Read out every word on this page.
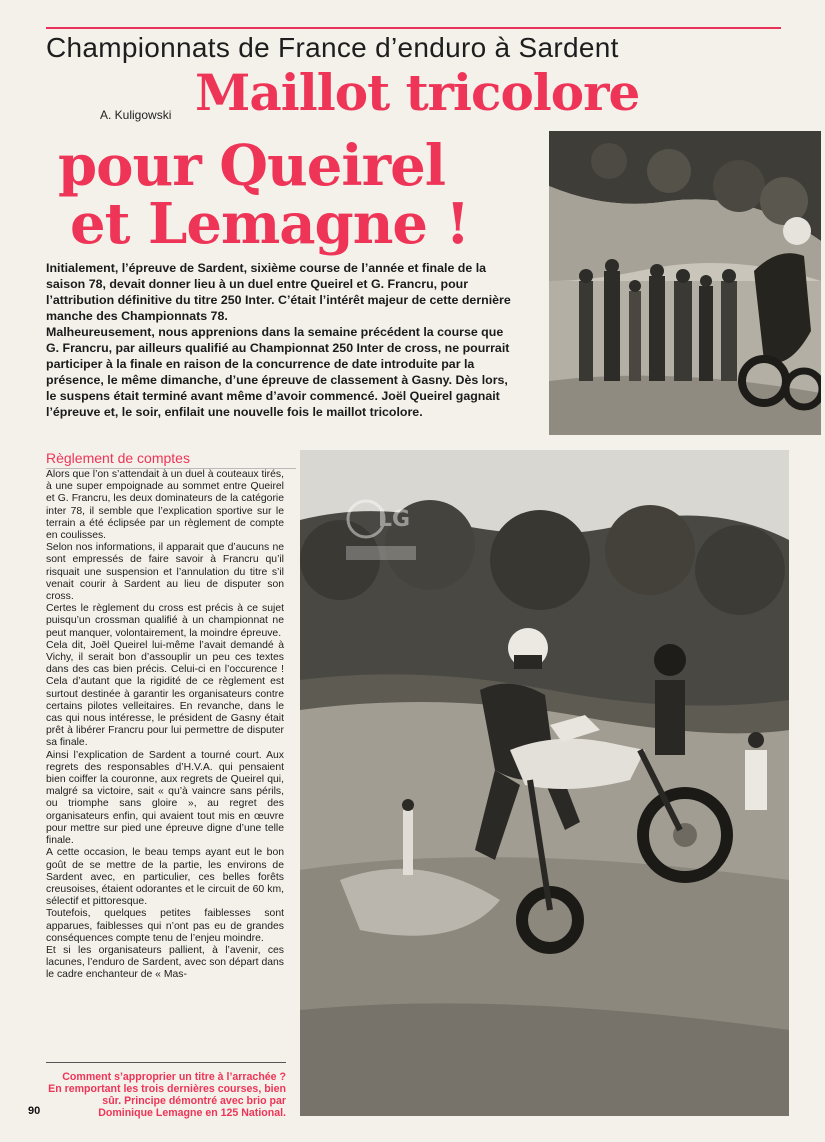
Championnats de France d’enduro à Sardent
A. Kuligowski Maillot tricolore
pour Queirel
et Lemagne !

Initialement, l’épreuve de Sardent, sixième course de l’année et finale de la saison 78, devait donner lieu à un duel entre Queirel et G. Francru, pour l’attribution définitive du titre 250 Inter. C’était l’intérêt majeur de cette dernière manche des Championnats 78.

Malheureusement, nous apprenions dans la semaine précédent la course que G. Francru, par ailleurs qualifié au Championnat 250 Inter de cross, ne pourrait participer à la finale en raison de la concurrence de date introduite par la présence, le même dimanche, d’une épreuve de classement à Gasny. Dès lors, le suspens était terminé avant même d’avoir commencé. Joël Queirel gagnait l’épreuve et, le soir, enfilait une nouvelle fois le maillot tricolore.

Règlement de comptes

Alors que l’on s’attendait à un duel à couteaux tirés, à une super empoignade au sommet entre Queirel et G. Francru, les deux dominateurs de la catégorie inter 78, il semble que l’explication sportive sur le terrain a été éclipsée par un règlement de compte en coulisses.

Selon nos informations, il apparait que d’aucuns ne sont empressés de faire savoir à Francru qu’il risquait une suspension et l’annulation du titre s’il venait courir à Sardent au lieu de disputer son cross.

Certes le règlement du cross est précis à ce sujet puisqu’un crossman qualifié à un championnat ne peut manquer, volontairement, la moindre épreuve.

Cela dit, Joël Queirel lui-même l’avait demandé à Vichy, il serait bon d’assouplir un peu ces textes dans des cas bien précis. Celui-ci en l’occurence ! Cela d’autant que la rigidité de ce règlement est surtout destinée à garantir les organisateurs contre certains pilotes velleitaires. En revanche, dans le cas qui nous intéresse, le président de Gasny était prêt à libérer Francru pour lui permettre de disputer sa finale.

Ainsi l’explication de Sardent a tourné court. Aux regrets des responsables d’H.V.A. qui pensaient bien coiffer la couronne, aux regrets de Queirel qui, malgré sa victoire, sait « qu’à vaincre sans périls, ou triomphe sans gloire », au regret des organisateurs enfin, qui avaient tout mis en œuvre pour mettre sur pied une épreuve digne d’une telle finale.

A cette occasion, le beau temps ayant eut le bon goût de se mettre de la partie, les environs de Sardent avec, en particulier, ces belles forêts creusoises, étaient odorantes et le circuit de 60 km, sélectif et pittoresque.

Toutefois, quelques petites faiblesses sont apparues, faiblesses qui n’ont pas eu de grandes conséquences compte tenu de l’enjeu moindre.

Et si les organisateurs pallient, à l’avenir, ces lacunes, l’enduro de Sardent, avec son départ dans le cadre enchanteur de « Mas-

Comment s’approprier un titre à l’arrachée ? En remportant les trois dernières courses, bien sûr. Principe démontré avec brio par Dominique Lemagne en 125 National.
LG
90
